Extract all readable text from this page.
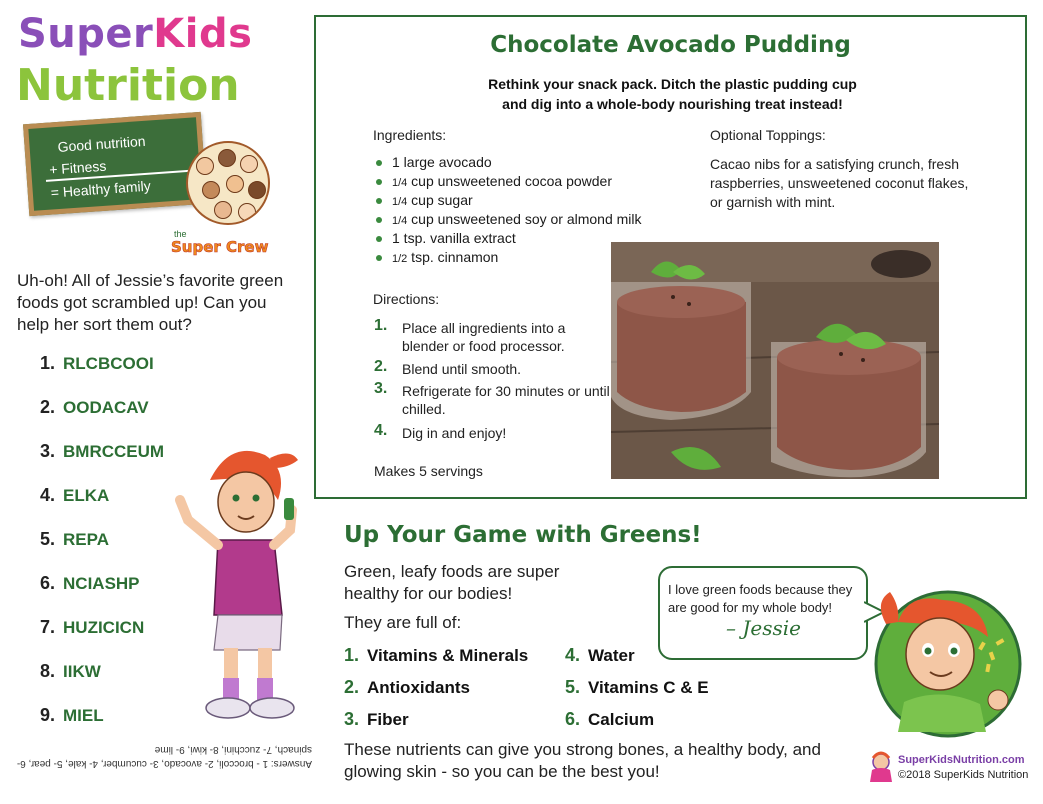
SuperKids
Nutrition
Good nutrition
+ Fitness
= Healthy family
the
Super Crew
Uh-oh! All of Jessie’s favorite green foods got scrambled up! Can you help her sort them out?
1. RLCBCOOI
2. OODACAV
3. BMRCCEUM
4. ELKA
5. REPA
6. NCIASHP
7. HUZICICN
8. IIKW
9. MIEL
Answers: 1 - broccoli, 2- avocado, 3- cucumber, 4- kale, 5- pear, 6- spinach, 7- zucchini, 8- kiwi, 9- lime
Chocolate Avocado Pudding
Rethink your snack pack. Ditch the plastic pudding cup
and dig into a whole-body nourishing treat instead!
Ingredients:
1 large avocado
1/4 cup unsweetened cocoa powder
1/4 cup sugar
1/4 cup unsweetened soy or almond milk
1 tsp. vanilla extract
1/2 tsp. cinnamon
Optional Toppings:
Cacao nibs for a satisfying crunch, fresh raspberries, unsweetened coconut flakes, or garnish with mint.
Directions:
1. Place all ingredients into a blender or food processor.
2. Blend until smooth.
3. Refrigerate for 30 minutes or until chilled.
4. Dig in and enjoy!
Makes 5 servings
Up Your Game with Greens!
Green, leafy foods are super healthy for our bodies!
They are full of:
1. Vitamins & Minerals
2. Antioxidants
3. Fiber
4. Water
5. Vitamins C & E
6. Calcium
These nutrients can give you strong bones, a healthy body, and glowing skin - so you can be the best you!
I love green foods because they are good for my whole body!
– Jessie
SuperKidsNutrition.com
©2018 SuperKids Nutrition
